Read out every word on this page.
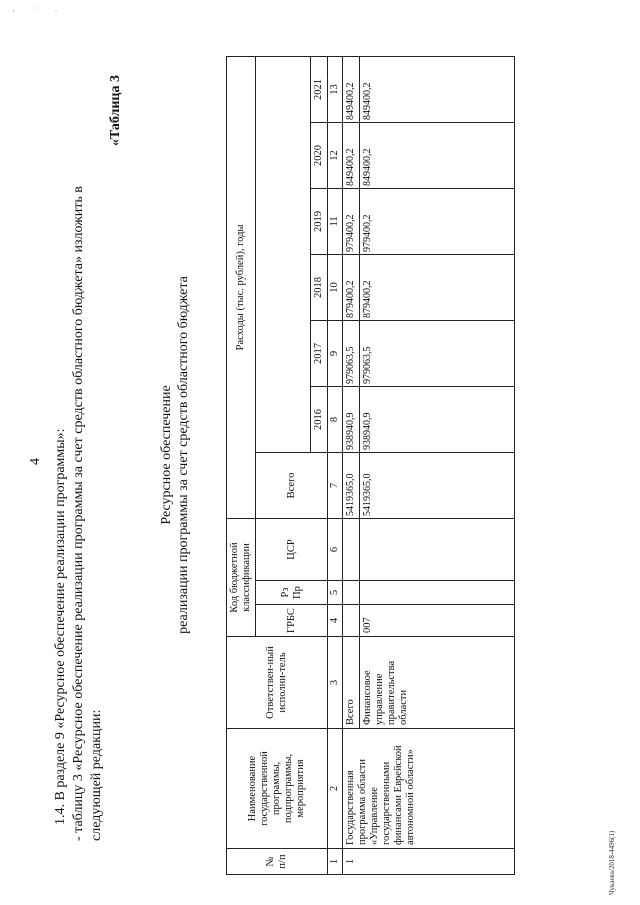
· ˙ ·
Чукаева/2018-4496(1)
4 1.4. В разделе 9 «Ресурсное обеспечение реализации программы»: - таблицу 3 «Ресурсное обеспечение реализации программы за счет средств областного бюджета» изложить в следующей редакции:
«Таблица 3
Ресурсное обеспечение реализации программы за счет средств областного бюджета
№ п/п	Наименование государственной программы, подпрограммы, мероприятия	Ответствен-ный исполни-тель	Код бюджетной классификации			Расходы (тыс. рублей), годы						
			ГРБС	Рз Пр	ЦСР	Всего						
							2016	2017	2018	2019	2020	2021
1	2	3	4	5	6	7	8	9	10	11	12	13
1	Государственная программа области «Управление государственными финансами Еврейской автономной области»	Всего				5419365,0	938940,9	979063,5	879400,2	979400,2	849400,2	849400,2
		Финансовое управление правительства области	007			5419365,0	938940,9	979063,5	879400,2	979400,2	849400,2	849400,2
